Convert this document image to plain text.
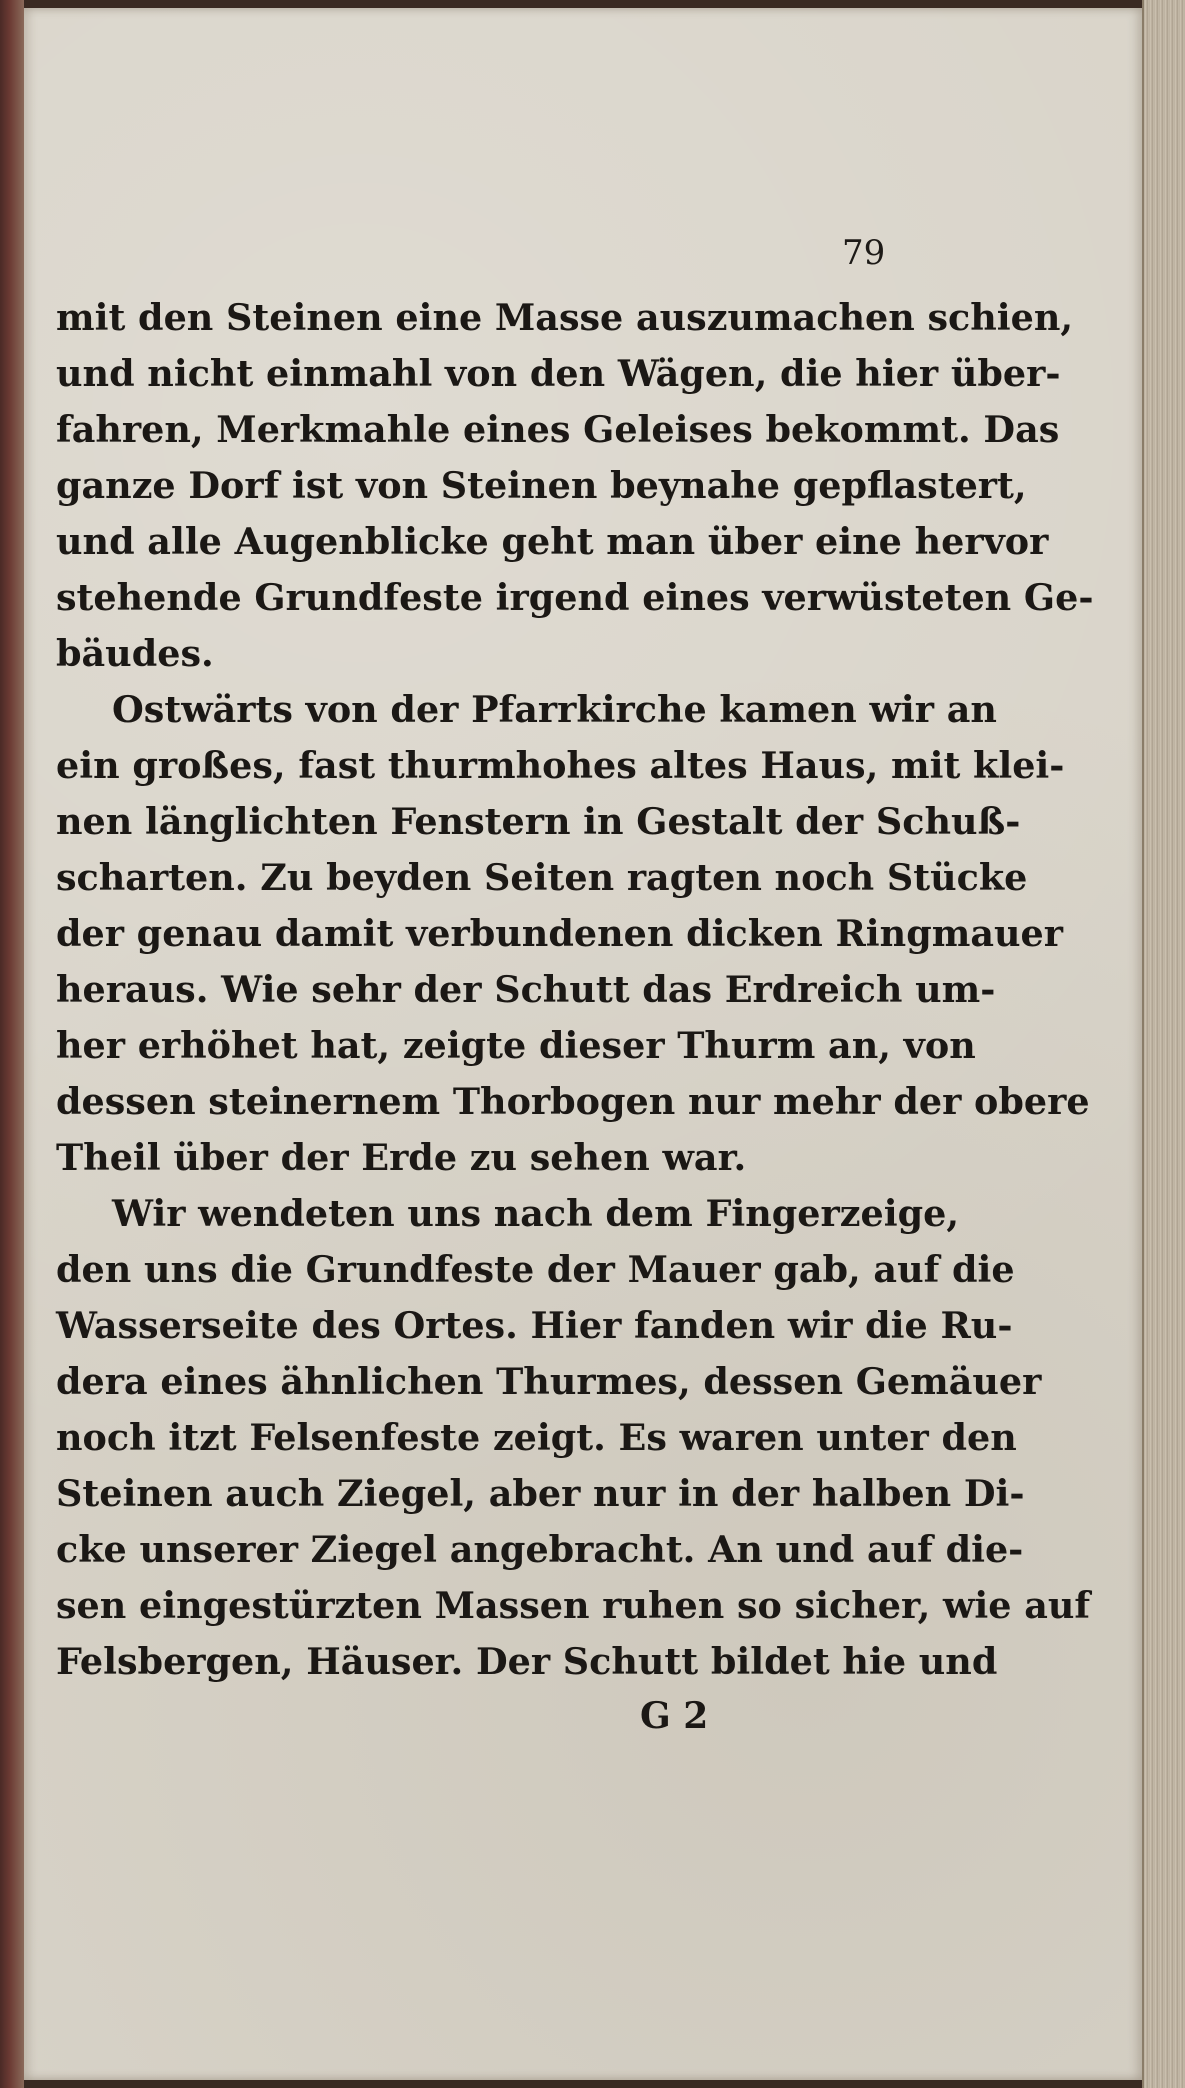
79
mit den Steinen eine Masse auszumachen schien,
und nicht einmahl von den Wägen, die hier über-
fahren, Merkmahle eines Geleises bekommt. Das
ganze Dorf ist von Steinen beynahe gepflastert,
und alle Augenblicke geht man über eine hervor
stehende Grundfeste irgend eines verwüsteten Ge-
bäudes.
Ostwärts von der Pfarrkirche kamen wir an
ein großes, fast thurmhohes altes Haus, mit klei-
nen länglichten Fenstern in Gestalt der Schuß-
scharten. Zu beyden Seiten ragten noch Stücke
der genau damit verbundenen dicken Ringmauer
heraus. Wie sehr der Schutt das Erdreich um-
her erhöhet hat, zeigte dieser Thurm an, von
dessen steinernem Thorbogen nur mehr der obere
Theil über der Erde zu sehen war.
Wir wendeten uns nach dem Fingerzeige,
den uns die Grundfeste der Mauer gab, auf die
Wasserseite des Ortes. Hier fanden wir die Ru-
dera eines ähnlichen Thurmes, dessen Gemäuer
noch itzt Felsenfeste zeigt. Es waren unter den
Steinen auch Ziegel, aber nur in der halben Di-
cke unserer Ziegel angebracht. An und auf die-
sen eingestürzten Massen ruhen so sicher, wie auf
Felsbergen, Häuser. Der Schutt bildet hie und
G 2
